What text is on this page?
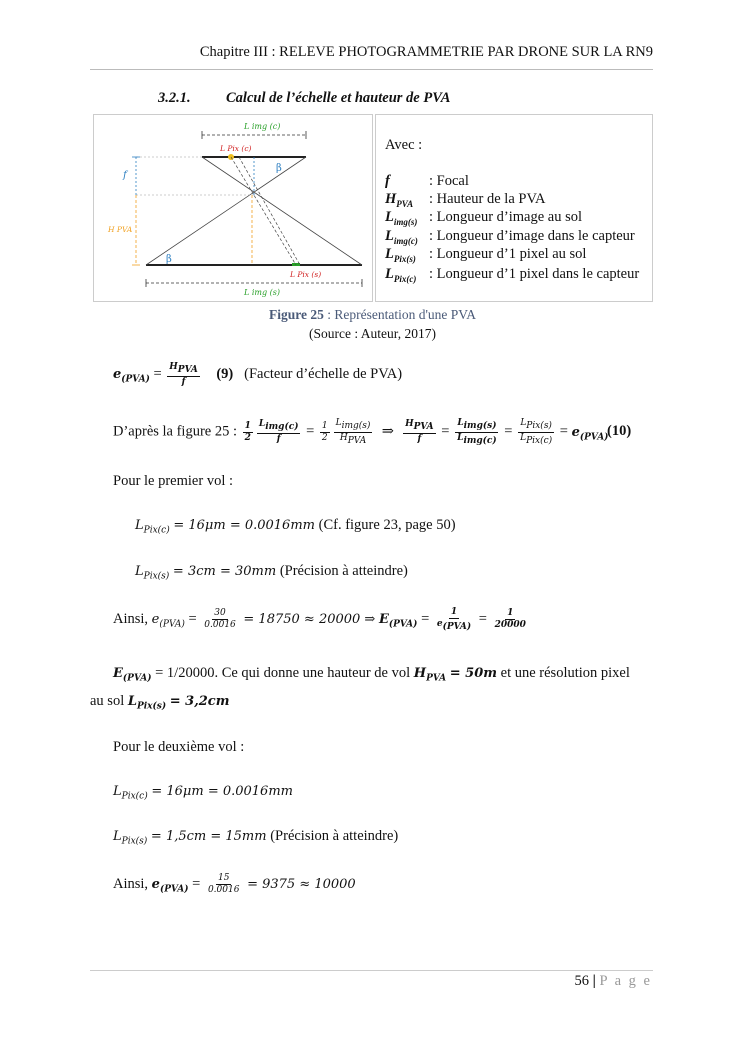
Chapitre III : RELEVE PHOTOGRAMMETRIE PAR DRONE SUR LA RN9
3.2.1. Calcul de l’échelle et hauteur de PVA
L img (c)
L Pix (c)
β
f
H PVA
β
L Pix (s)
L img (s)
Avec :
f	: Focal
$H_{PVA}$ : Hauteur de la PVA
$L_{img(s)}$ : Longueur d’image au sol
$L_{img(c)}$ : Longueur d’image dans le capteur
$L_{Pix(s)}$ : Longueur d’1 pixel au sol
$L_{Pix(c)}$ : Longueur d’1 pixel dans le capteur
Figure 25 : Représentation d'une PVA
(Source : Auteur, 2017)
$e_{(PVA)} = \frac{H_{PVA}}{f} (9)$ (Facteur d’échelle de PVA)
D’après la figure 25 : $\frac{1}{2} \frac{L_{img(c)}}{f} = \frac{1}{2} \frac{L_{img(s)}}{H_{PVA}}$ ⇒ $\frac{H_{PVA}}{f} = \frac{L_{img(s)}}{L_{img(c)}} = \frac{L_{Pix(s)}}{L_{Pix(c)}} = e_{(PVA)}$
(10)
Pour le premier vol :
$L_{Pix(c)} = 16\mu m = 0.0016mm$ (Cf. figure 23, page 50)
$L_{Pix(s)} = 3cm = 30mm$ (Précision à atteindre)
Ainsi, $e_{(PVA)} = \frac{30}{0.0016} = 18750 \approx 20000$ ⇒ $E_{(PVA)} = \frac{1}{e_{(PVA)}} = \frac{1}{20000}$
$E_{(PVA)} = 1/20000$. Ce qui donne une hauteur de vol $H_{PVA} = 50m$ et une résolution pixel
au sol $L_{Pix(s)} = 3,2cm$
Pour le deuxième vol :
$L_{Pix(c)} = 16\mu m = 0.0016mm$
$L_{Pix(s)} = 1,5cm = 15mm$ (Précision à atteindre)
Ainsi, $e_{(PVA)} = \frac{15}{0.0016} = 9375 \approx 10000$
56 | P a g e
